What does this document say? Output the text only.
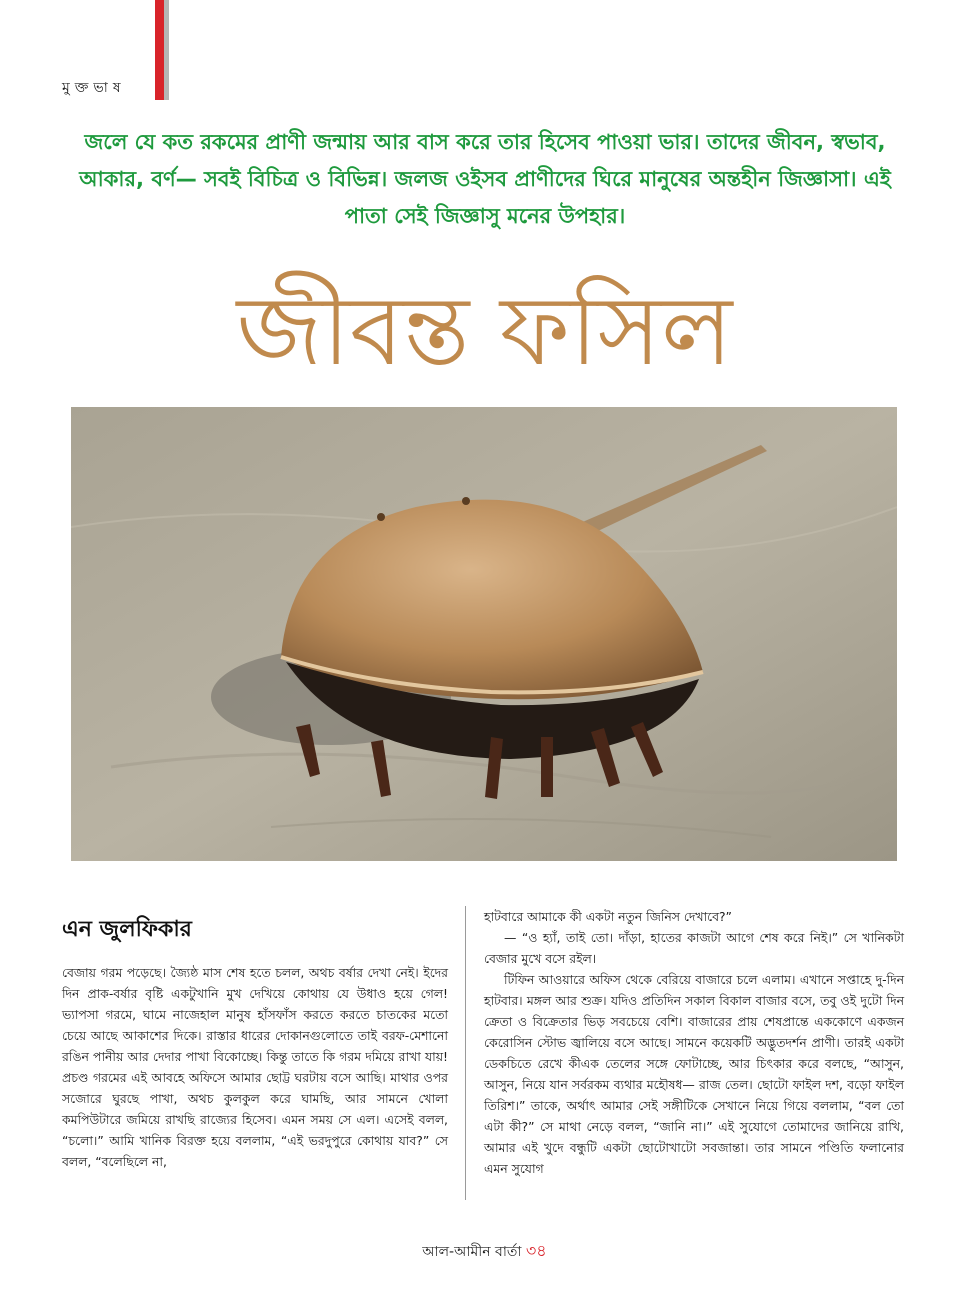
মুক্তভাষ
জলে যে কত রকমের প্রাণী জন্মায় আর বাস করে তার হিসেব পাওয়া ভার। তাদের জীবন, স্বভাব, আকার, বর্ণ— সবই বিচিত্র ও বিভিন্ন। জলজ ওইসব প্রাণীদের ঘিরে মানুষের অন্তহীন জিজ্ঞাসা। এই পাতা সেই জিজ্ঞাসু মনের উপহার।
জীবন্ত ফসিল
এন জুলফিকার

বেজায় গরম পড়েছে। জ্যৈষ্ঠ মাস শেষ হতে চলল, অথচ বর্ষার দেখা নেই। ইদের দিন প্রাক-বর্ষার বৃষ্টি একটুখানি মুখ দেখিয়ে কোথায় যে উধাও হয়ে গেল! ভ্যাপসা গরমে, ঘামে নাজেহাল মানুষ হাঁসফাঁস করতে করতে চাতকের মতো চেয়ে আছে আকাশের দিকে। রাস্তার ধারের দোকানগুলোতে তাই বরফ-মেশানো রঙিন পানীয় আর দেদার পাখা বিকোচ্ছে। কিন্তু তাতে কি গরম দমিয়ে রাখা যায়! প্রচণ্ড গরমের এই আবহে অফিসে আমার ছোট্ট ঘরটায় বসে আছি। মাথার ওপর সজোরে ঘুরছে পাখা, অথচ কুলকুল করে ঘামছি, আর সামনে খোলা কমপিউটারে জমিয়ে রাখছি রাজ্যের হিসেব। এমন সময় সে এল। এসেই বলল, “চলো।” আমি খানিক বিরক্ত হয়ে বললাম, “এই ভরদুপুরে কোথায় যাব?” সে বলল, “বলেছিলে না,

হাটবারে আমাকে কী একটা নতুন জিনিস দেখাবে?”

— “ও হ্যাঁ, তাই তো। দাঁড়া, হাতের কাজটা আগে শেষ করে নিই।” সে খানিকটা বেজার মুখে বসে রইল।

টিফিন আওয়ারে অফিস থেকে বেরিয়ে বাজারে চলে এলাম। এখানে সপ্তাহে দু-দিন হাটবার। মঙ্গল আর শুক্র। যদিও প্রতিদিন সকাল বিকাল বাজার বসে, তবু ওই দুটো দিন ক্রেতা ও বিক্রেতার ভিড় সবচেয়ে বেশি। বাজারের প্রায় শেষপ্রান্তে এককোণে একজন কেরোসিন স্টোভ জ্বালিয়ে বসে আছে। সামনে কয়েকটি অদ্ভুতদর্শন প্রাণী। তারই একটা ডেকচিতে রেখে কীএক তেলের সঙ্গে ফোটাচ্ছে, আর চিৎকার করে বলছে, “আসুন, আসুন, নিয়ে যান সর্বরকম ব্যথার মহৌষধ— রাজ তেল। ছোটো ফাইল দশ, বড়ো ফাইল তিরিশ।” তাকে, অর্থাৎ আমার সেই সঙ্গীটিকে সেখানে নিয়ে গিয়ে বললাম, “বল তো এটা কী?” সে মাথা নেড়ে বলল, “জানি না।” এই সুযোগে তোমাদের জানিয়ে রাখি, আমার এই খুদে বন্ধুটি একটা ছোটোখাটো সবজান্তা। তার সামনে পণ্ডিতি ফলানোর এমন সুযোগ

আল-আমীন বার্তা ৩৪
